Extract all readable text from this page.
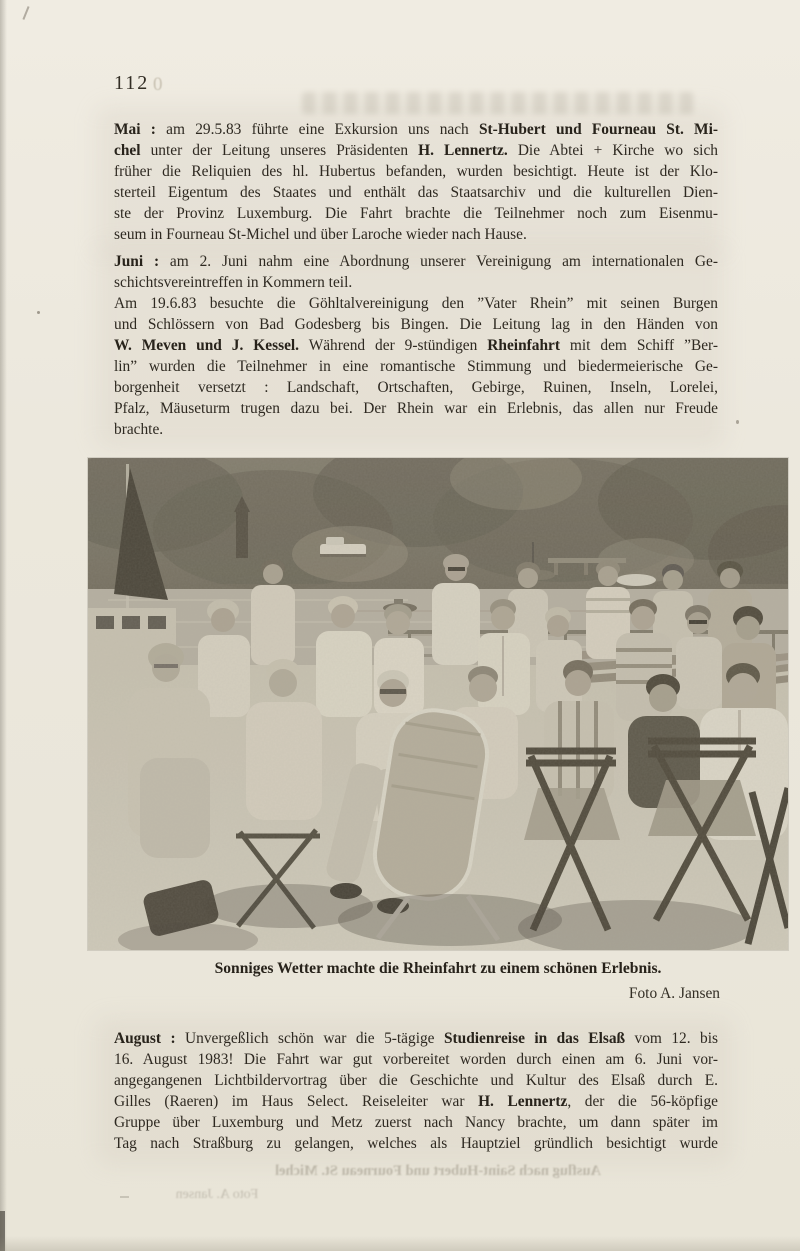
112 0
Mai : am 29.5.83 führte eine Exkursion uns nach St-Hubert und Fourneau St. Mi-
chel unter der Leitung unseres Präsidenten H. Lennertz. Die Abtei + Kirche wo sich
früher die Reliquien des hl. Hubertus befanden, wurden besichtigt. Heute ist der Klo-
sterteil Eigentum des Staates und enthält das Staatsarchiv und die kulturellen Dien-
ste der Provinz Luxemburg. Die Fahrt brachte die Teilnehmer noch zum Eisenmu-
seum in Fourneau St-Michel und über Laroche wieder nach Hause.
Juni : am 2. Juni nahm eine Abordnung unserer Vereinigung am internationalen Ge-
schichtsvereintreffen in Kommern teil.
Am 19.6.83 besuchte die Göhltalvereinigung den ”Vater Rhein” mit seinen Burgen
und Schlössern von Bad Godesberg bis Bingen. Die Leitung lag in den Händen von
W. Meven und J. Kessel. Während der 9-stündigen Rheinfahrt mit dem Schiff ”Ber-
lin” wurden die Teilnehmer in eine romantische Stimmung und biedermeierische Ge-
borgenheit versetzt : Landschaft, Ortschaften, Gebirge, Ruinen, Inseln, Lorelei,
Pfalz, Mäuseturm trugen dazu bei. Der Rhein war ein Erlebnis, das allen nur Freude
brachte.
August : Unvergeßlich schön war die 5-tägige Studienreise in das Elsaß vom 12. bis
16. August 1983! Die Fahrt war gut vorbereitet worden durch einen am 6. Juni vor-
angegangenen Lichtbildervortrag über die Geschichte und Kultur des Elsaß durch E.
Gilles (Raeren) im Haus Select. Reiseleiter war H. Lennertz, der die 56-köpfige
Gruppe über Luxemburg und Metz zuerst nach Nancy brachte, um dann später im
Tag nach Straßburg zu gelangen, welches als Hauptziel gründlich besichtigt wurde
Sonniges Wetter machte die Rheinfahrt zu einem schönen Erlebnis.
Foto A. Jansen
Ausflug nach Saint-Hubert und Fourneau St. Michel
Foto A. Jansen
